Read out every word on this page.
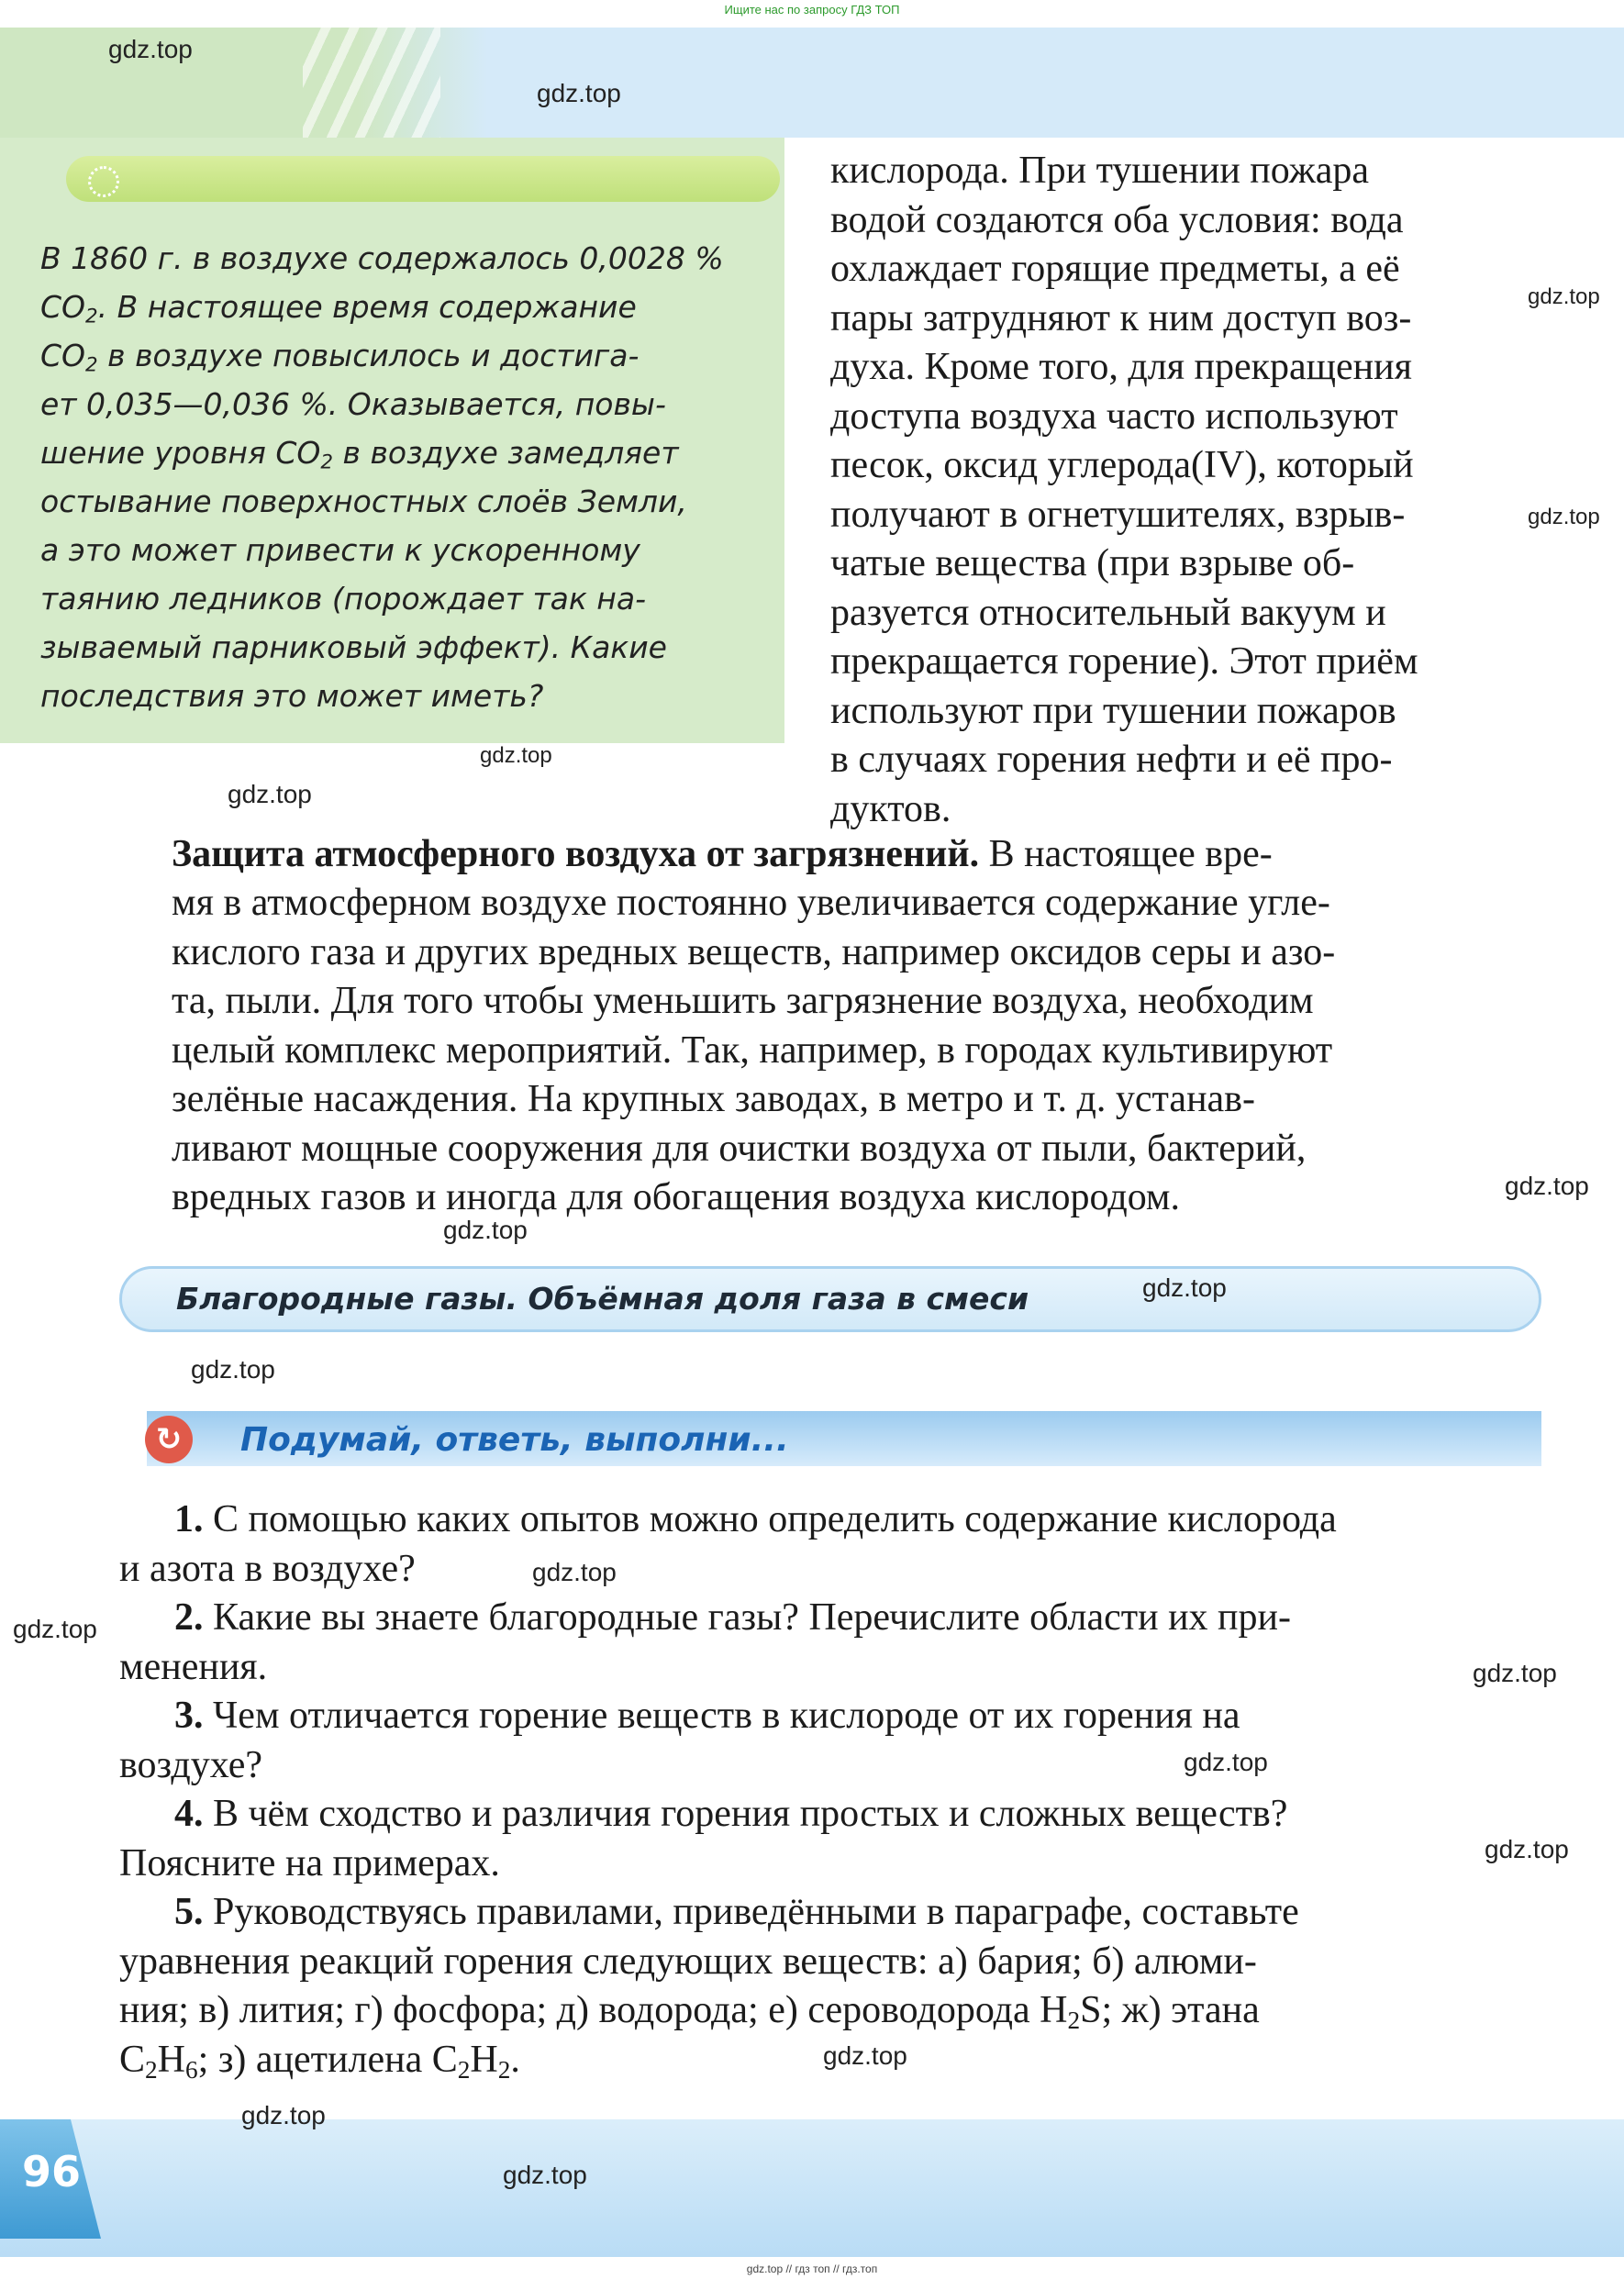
Ищите нас по запросу ГДЗ ТОП

В 1860 г. в воздухе содержалось 0,0028 %

$CO_2$. В настоящее время содержание

$CO_2$ в воздухе повысилось и достига-

ет 0,035—0,036 %. Оказывается, повы-

шение уровня $CO_2$ в воздухе замедляет

остывание поверхностных слоёв Земли,

а это может привести к ускоренному

таянию ледников (порождает так на-

зываемый парниковый эффект). Какие

последствия это может иметь?

кислорода. При тушении пожара

водой создаются оба условия: вода

охлаждает горящие предметы, а её

пары затрудняют к ним доступ воз-

духа. Кроме того, для прекращения

доступа воздуха часто используют

песок, оксид углерода(IV), который

получают в огнетушителях, взрыв-

чатые вещества (при взрыве об-

разуется относительный вакуум и

прекращается горение). Этот приём

используют при тушении пожаров

в случаях горения нефти и её про-

дуктов.

Защита атмосферного воздуха от загрязнений. В настоящее вре-

мя в атмосферном воздухе постоянно увеличивается содержание угле-

кислого газа и других вредных веществ, например оксидов серы и азо-

та, пыли. Для того чтобы уменьшить загрязнение воздуха, необходим

целый комплекс мероприятий. Так, например, в городах культивируют

зелёные насаждения. На крупных заводах, в метро и т. д. устанав-

ливают мощные сооружения для очистки воздуха от пыли, бактерий,

вредных газов и иногда для обогащения воздуха кислородом.

Благородные газы. Объёмная доля газа в смеси
↻
Подумай, ответь, выполни...

1. С помощью каких опытов можно определить содержание кислорода

и азота в воздухе?

2. Какие вы знаете благородные газы? Перечислите области их при-

менения.

3. Чем отличается горение веществ в кислороде от их горения на

воздухе?

4. В чём сходство и различия горения простых и сложных веществ?

Поясните на примерах.

5. Руководствуясь правилами, приведёнными в параграфе, составьте

уравнения реакций горения следующих веществ: а) бария; б) алюми-

ния; в) лития; г) фосфора; д) водорода; е) сероводорода $H_2S$; ж) этана

$C_2H_6$; з) ацетилена $C_2H_2$.

96
gdz.top
gdz.top
gdz.top
gdz.top
gdz.top
gdz.top
gdz.top
gdz.top
gdz.top
gdz.top
gdz.top
gdz.top
gdz.top
gdz.top
gdz.top
gdz.top
gdz.top
gdz.top
gdz.top // гдз топ // гдз.топ
